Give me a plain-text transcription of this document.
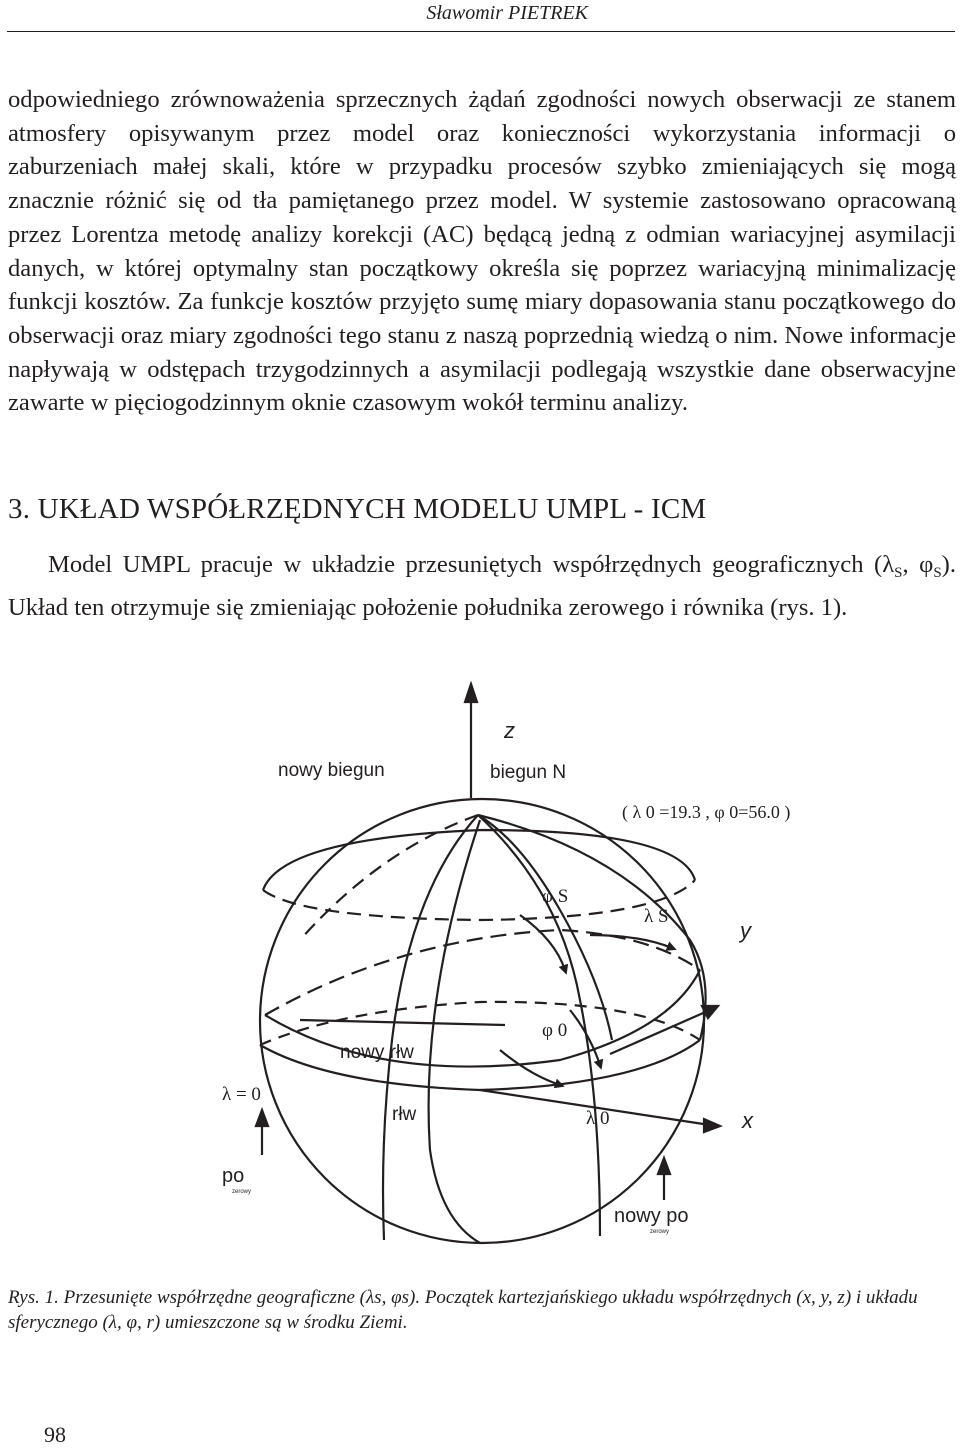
Sławomir PIETREK

odpowiedniego zrównoważenia sprzecznych żądań zgodności nowych obserwacji ze stanem atmosfery opisywanym przez model oraz konieczności wykorzystania informacji o zaburzeniach małej skali, które w przypadku procesów szybko zmieniających się mogą znacznie różnić się od tła pamiętanego przez model. W systemie zastosowano opracowaną przez Lorentza metodę analizy korekcji (AC) będącą jedną z odmian wariacyjnej asymilacji danych, w której optymalny stan początkowy określa się poprzez wariacyjną minimalizację funkcji kosztów. Za funkcje kosztów przyjęto sumę miary dopasowania stanu początkowego do obserwacji oraz miary zgodności tego stanu z naszą poprzednią wiedzą o nim. Nowe informacje napływają w odstępach trzygodzinnych a asymilacji podlegają wszystkie dane obserwacyjne zawarte w pięciogodzinnym oknie czasowym wokół terminu analizy.

3. UKŁAD WSPÓŁRZĘDNYCH MODELU UMPL - ICM

Model UMPL pracuje w układzie przesuniętych współrzędnych geograficznych ($\lambda_S$, $\varphi_S$). Układ ten otrzymuje się zmieniając położenie południka zerowego i równika (rys. 1).

z
nowy biegun	biegun N
( λ 0 =19.3 , φ 0=56.0 )
φ S
λ S
y
φ 0
nowy rłw
λ = 0
rłw	λ 0	x
po
zerowy
nowy po
zerowy

Rys. 1. Przesunięte współrzędne geograficzne (λs, φs). Początek kartezjańskiego układu współrzędnych (x, y, z) i układu sferycznego (λ, φ, r) umieszczone są w środku Ziemi.

98
